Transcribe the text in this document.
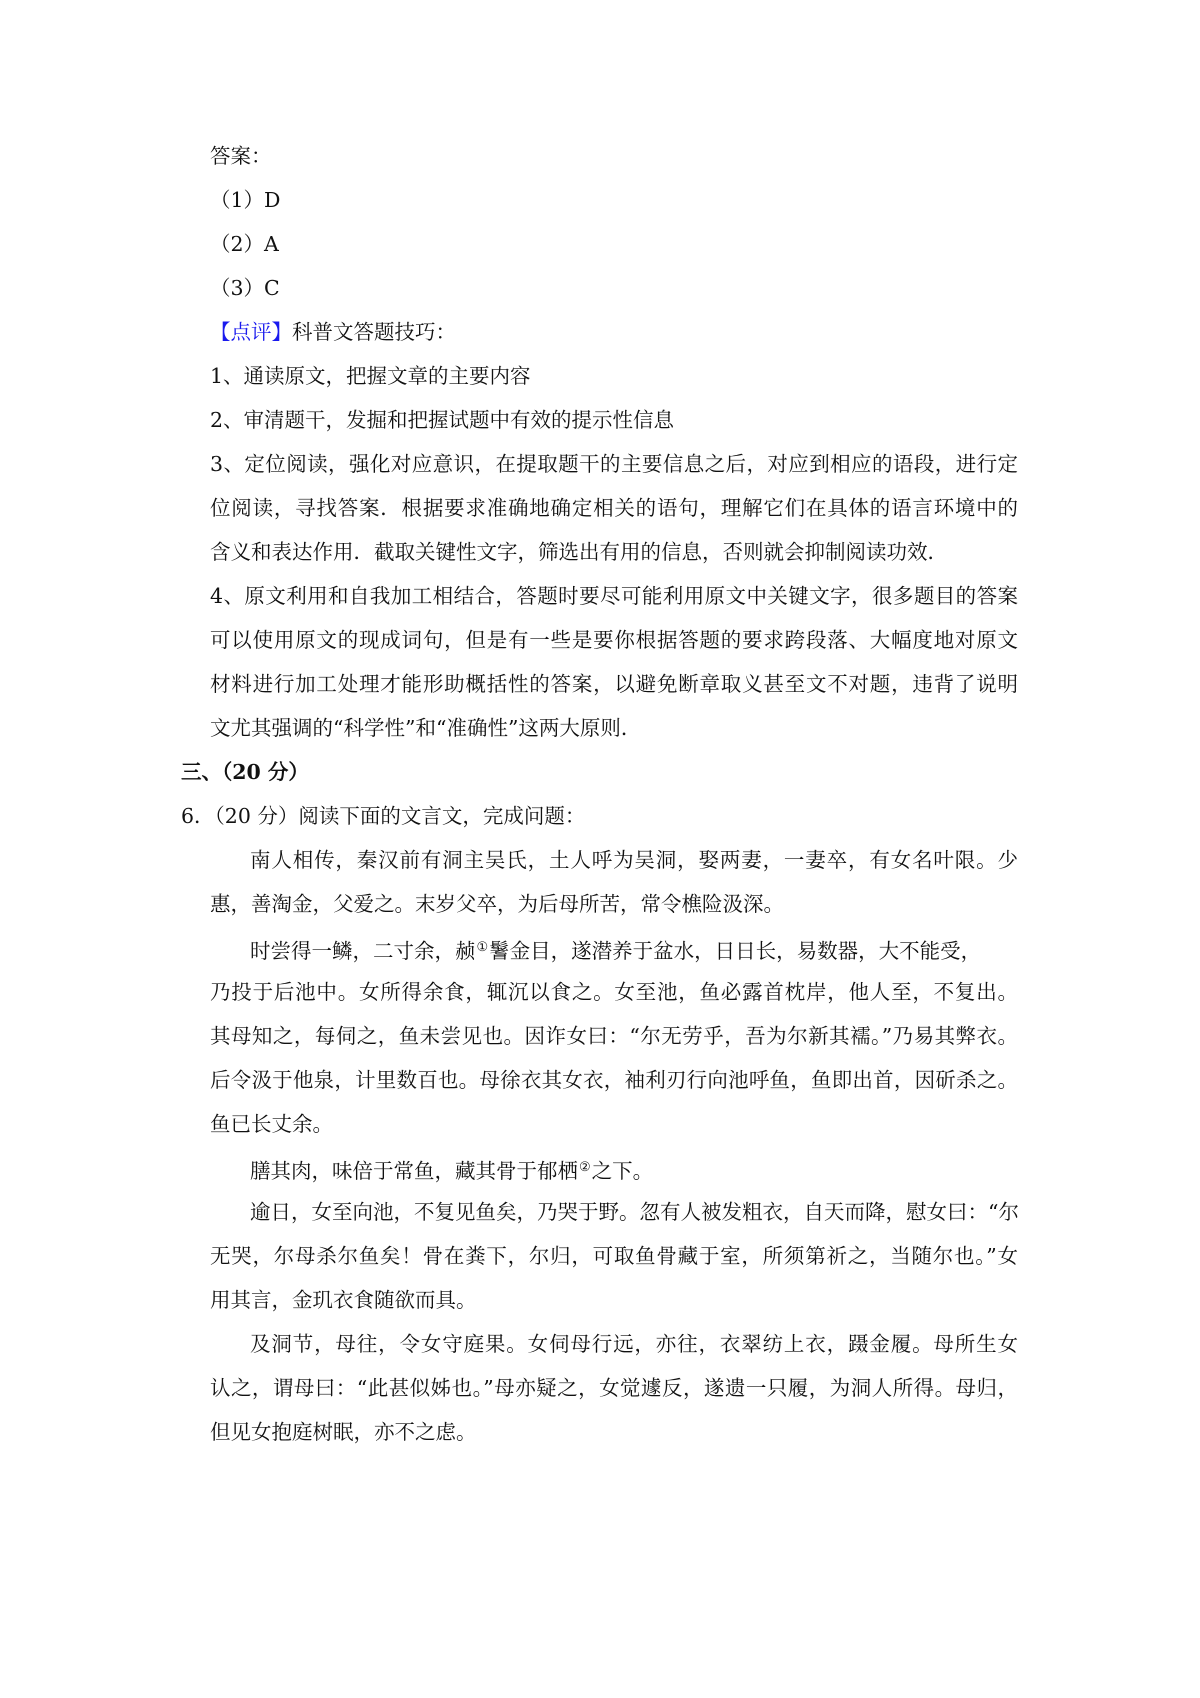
答案：

（1）D

（2）A

（3）C

【点评】科普文答题技巧：

1、通读原文，把握文章的主要内容

2、审清题干，发掘和把握试题中有效的提示性信息

3、定位阅读，强化对应意识，在提取题干的主要信息之后，对应到相应的语段，进行定

位阅读，寻找答案．根据要求准确地确定相关的语句，理解它们在具体的语言环境中的

含义和表达作用．截取关键性文字，筛选出有用的信息，否则就会抑制阅读功效．

4、原文利用和自我加工相结合，答题时要尽可能利用原文中关键文字，很多题目的答案

可以使用原文的现成词句，但是有一些是要你根据答题的要求跨段落、大幅度地对原文

材料进行加工处理才能形助概括性的答案，以避免断章取义甚至文不对题，违背了说明

文尤其强调的“科学性”和“准确性”这两大原则．

三、（20 分）

6．（20 分）阅读下面的文言文，完成问题：

南人相传，秦汉前有洞主吴氏，土人呼为吴洞，娶两妻，一妻卒，有女名叶限。少

惠，善淘金，父爱之。末岁父卒，为后母所苦，常令樵险汲深。

时尝得一鳞，二寸余，赪①鬐金目，遂潜养于盆水，日日长，易数器，大不能受，

乃投于后池中。女所得余食，辄沉以食之。女至池，鱼必露首枕岸，他人至，不复出。

其母知之，每伺之，鱼未尝见也。因诈女曰：“尔无劳乎，吾为尔新其襦。”乃易其弊衣。

后令汲于他泉，计里数百也。母徐衣其女衣，袖利刃行向池呼鱼，鱼即出首，因斫杀之。

鱼已长丈余。

膳其肉，味倍于常鱼，藏其骨于郁栖②之下。

逾日，女至向池，不复见鱼矣，乃哭于野。忽有人被发粗衣，自天而降，慰女曰：“尔

无哭，尔母杀尔鱼矣！骨在粪下，尔归，可取鱼骨藏于室，所须第祈之，当随尔也。”女

用其言，金玑衣食随欲而具。

及洞节，母往，令女守庭果。女伺母行远，亦往，衣翠纺上衣，蹑金履。母所生女

认之，谓母曰：“此甚似姊也。”母亦疑之，女觉遽反，遂遗一只履，为洞人所得。母归，

但见女抱庭树眠，亦不之虑。
